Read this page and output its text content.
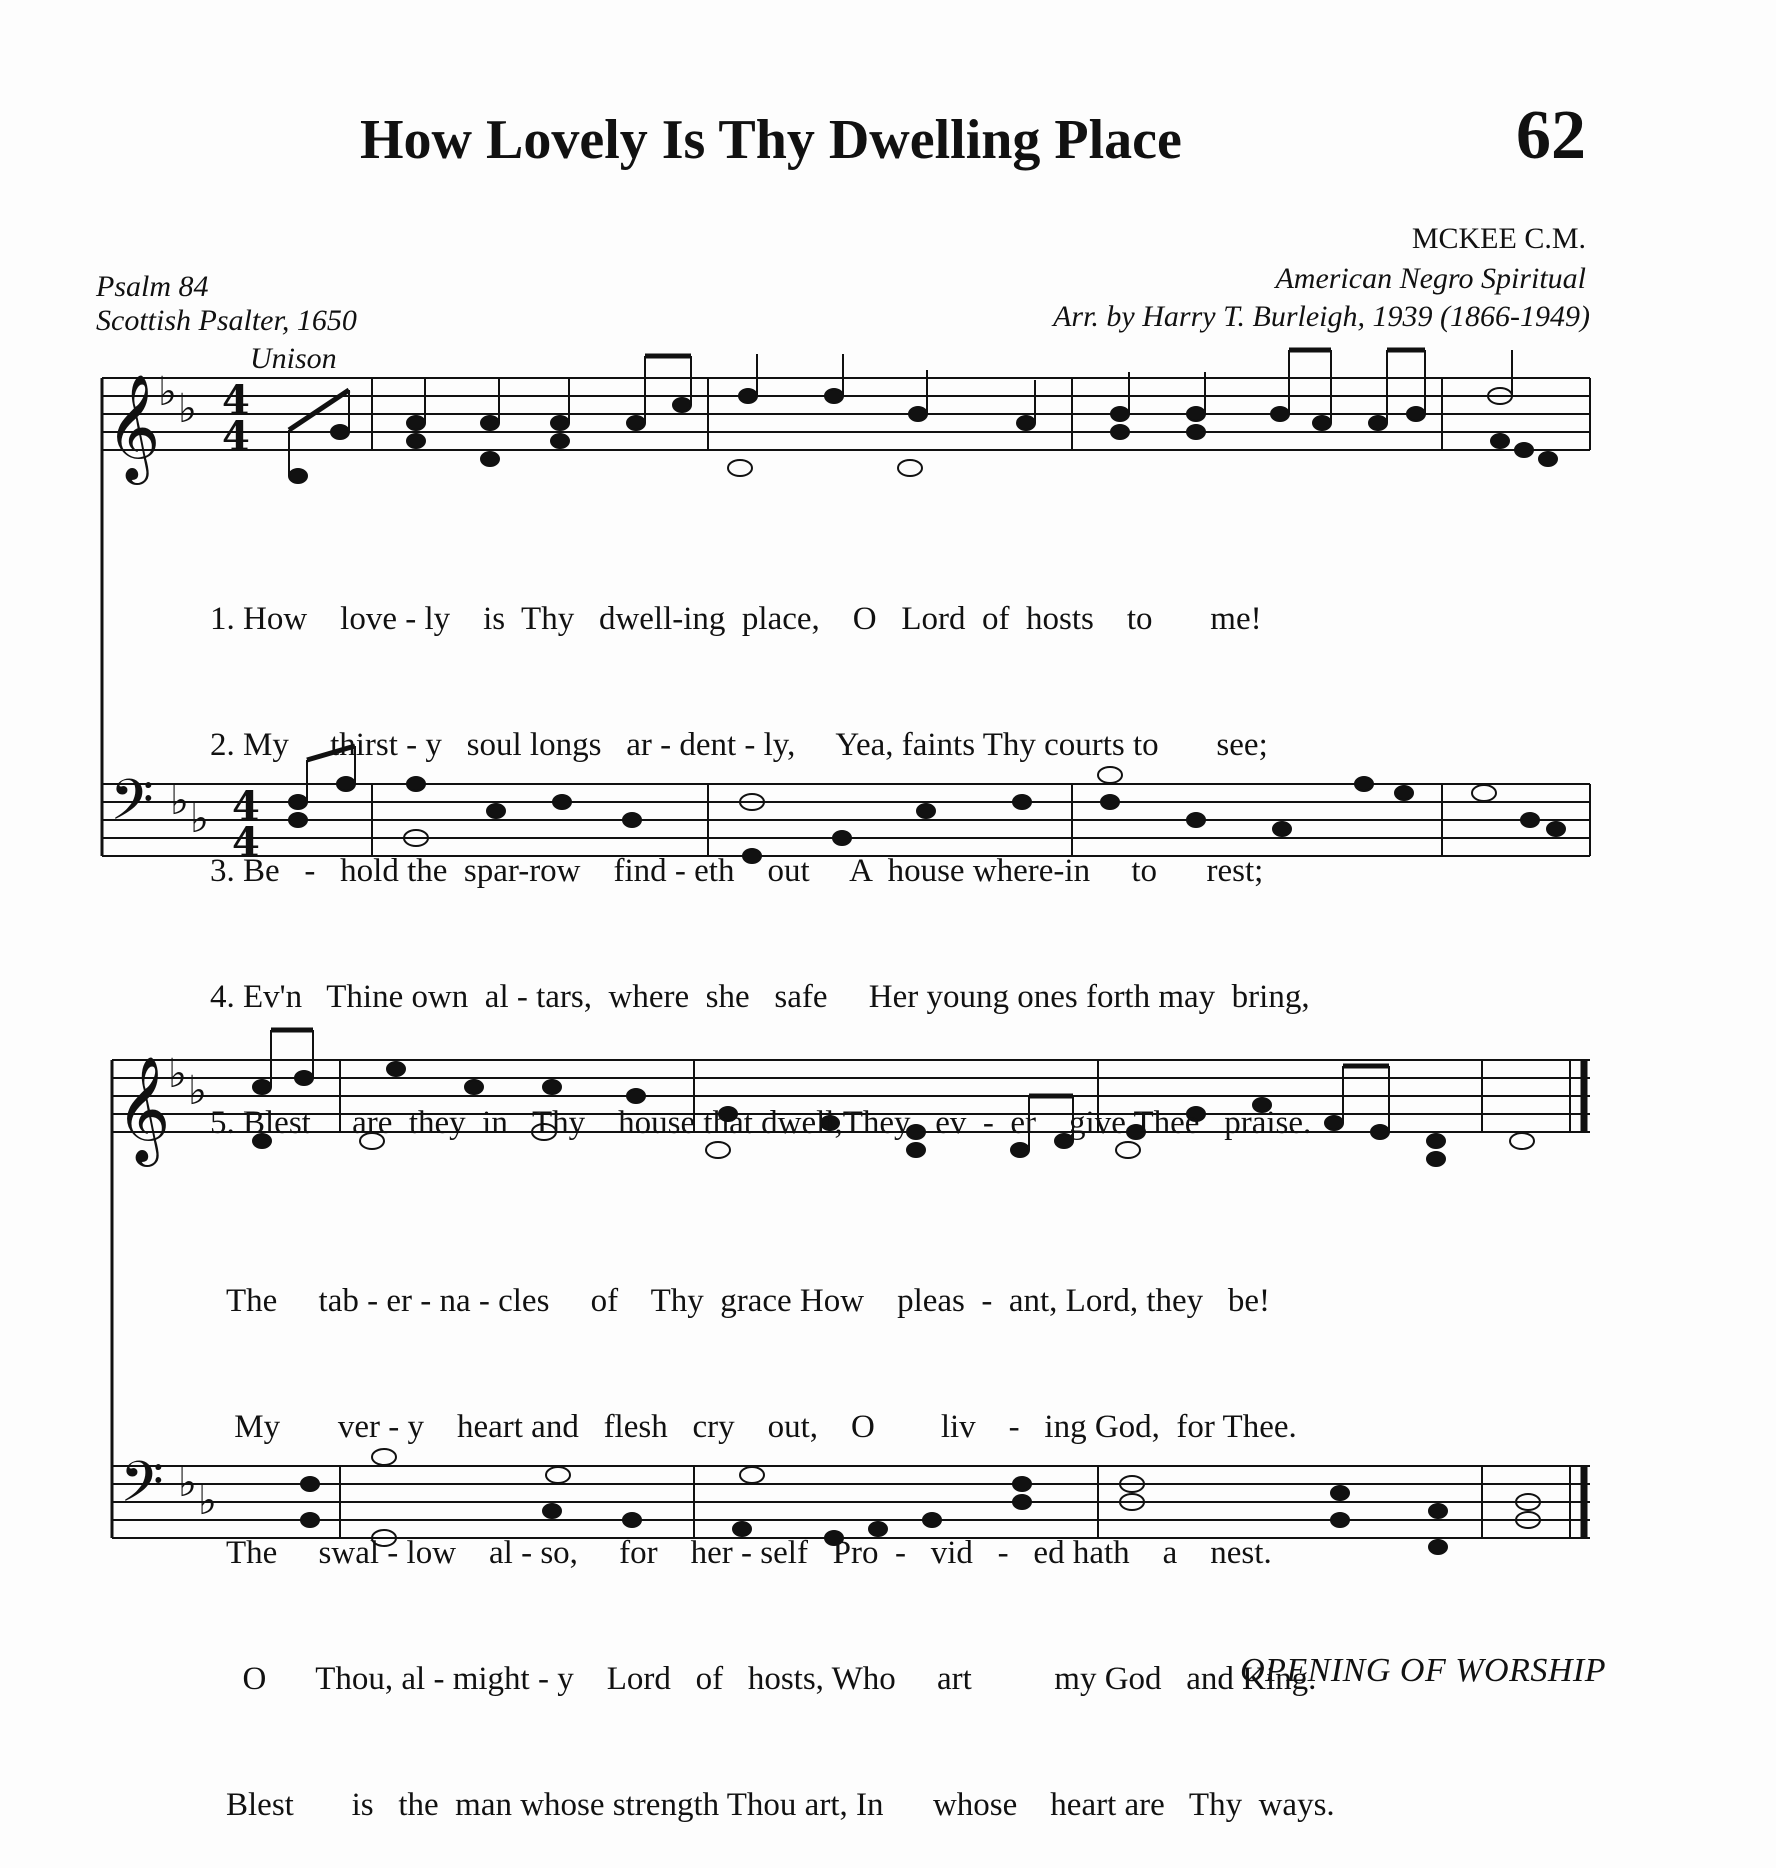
How Lovely Is Thy Dwelling Place	62
MCKEE C.M.
American Negro Spiritual
Arr. by Harry T. Burleigh, 1939 (1866-1949)
Psalm 84
Scottish Psalter, 1650
Unison
𝄞
𝄢
𝄞
𝄢
♭ ♭
♭ ♭
♭ ♭
♭ ♭
4
4
4
4

1. How    love - ly    is  Thy   dwell-ing  place,    O   Lord  of  hosts    to       me!

2. My     thirst - y   soul longs   ar - dent - ly,     Yea, faints Thy courts to       see;

3. Be   -   hold the  spar-row    find - eth    out     A  house where-in     to      rest;

4. Ev'n   Thine own  al - tars,  where  she   safe     Her young ones forth may  bring,

5. Blest     are  they  in   Thy    house that dwell,They   ev  -  er    give Thee   praise.

The     tab - er - na - cles     of    Thy  grace How    pleas  -  ant, Lord, they   be!

My       ver - y    heart and   flesh   cry    out,    O        liv    -   ing God,  for Thee.

The     swal - low    al - so,     for    her - self   Pro  -   vid   -   ed hath    a    nest.

O      Thou, al - might - y    Lord   of   hosts, Who     art          my God   and King.

Blest       is   the  man whose strength Thou art, In      whose    heart are   Thy  ways.

OPENING OF WORSHIP
